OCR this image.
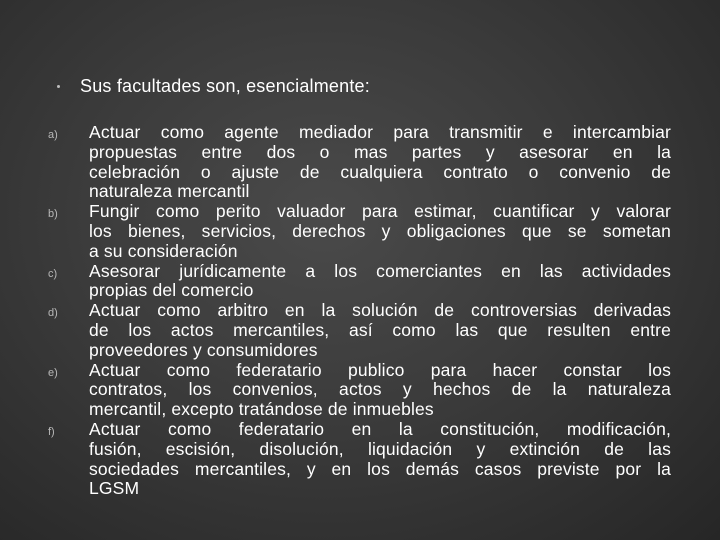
Sus facultades son, esencialmente:
a) Actuar como agente mediador para transmitir e intercambiar
propuestas entre dos o mas partes y asesorar en la
celebración o ajuste de cualquiera contrato o convenio de
naturaleza mercantil
b) Fungir como perito valuador para estimar, cuantificar y valorar
los bienes, servicios, derechos y obligaciones que se sometan
a su consideración
c) Asesorar jurídicamente a los comerciantes en las actividades
propias del comercio
d) Actuar como arbitro en la solución de controversias derivadas
de los actos mercantiles, así como las que resulten entre
proveedores y consumidores
e) Actuar como federatario publico para hacer constar los
contratos, los convenios, actos y hechos de la naturaleza
mercantil, excepto tratándose de inmuebles
f) Actuar como federatario en la constitución, modificación,
fusión, escisión, disolución, liquidación y extinción de las
sociedades mercantiles, y en los demás casos previste por la
LGSM
